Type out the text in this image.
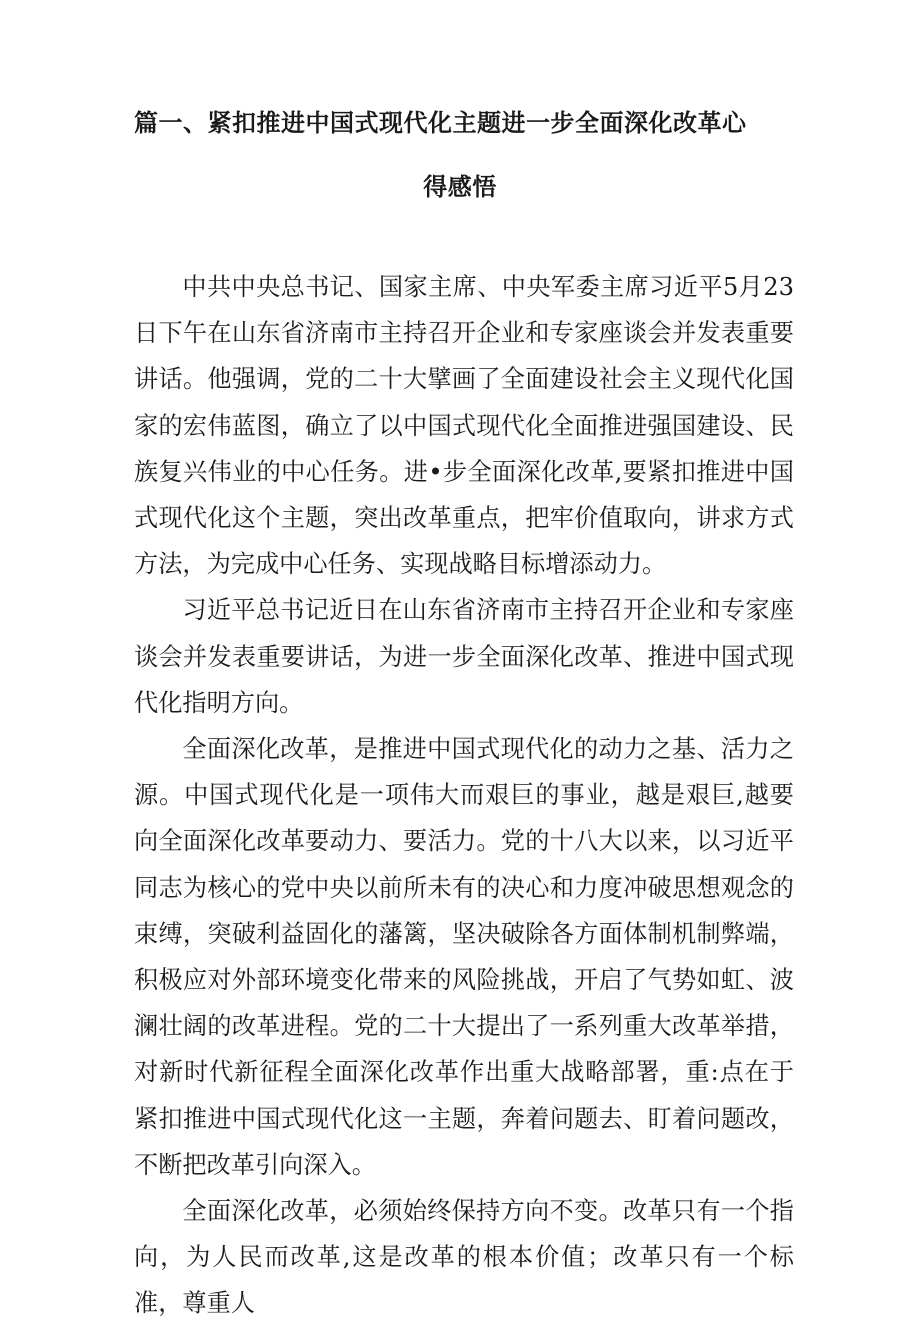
篇一、紧扣推进中国式现代化主题进一步全面深化改革心
得感悟

中共中央总书记、国家主席、中央军委主席习近平5月23日下午在山东省济南市主持召开企业和专家座谈会并发表重要讲话。他强调，党的二十大擘画了全面建设社会主义现代化国家的宏伟蓝图，确立了以中国式现代化全面推进强国建设、民族复兴伟业的中心任务。进•步全面深化改革,要紧扣推进中国式现代化这个主题，突出改革重点，把牢价值取向，讲求方式方法，为完成中心任务、实现战略目标增添动力。

习近平总书记近日在山东省济南市主持召开企业和专家座谈会并发表重要讲话，为进一步全面深化改革、推进中国式现代化指明方向。

全面深化改革，是推进中国式现代化的动力之基、活力之源。中国式现代化是一项伟大而艰巨的事业，越是艰巨,越要向全面深化改革要动力、要活力。党的十八大以来，以习近平同志为核心的党中央以前所未有的决心和力度冲破思想观念的束缚，突破利益固化的藩篱，坚决破除各方面体制机制弊端，积极应对外部环境变化带来的风险挑战，开启了气势如虹、波澜壮阔的改革进程。党的二十大提出了一系列重大改革举措，对新时代新征程全面深化改革作出重大战略部署，重:点在于紧扣推进中国式现代化这一主题，奔着问题去、盯着问题改，不断把改革引向深入。

全面深化改革，必须始终保持方向不变。改革只有一个指向，为人民而改革,这是改革的根本价值；改革只有一个标准，尊重人
